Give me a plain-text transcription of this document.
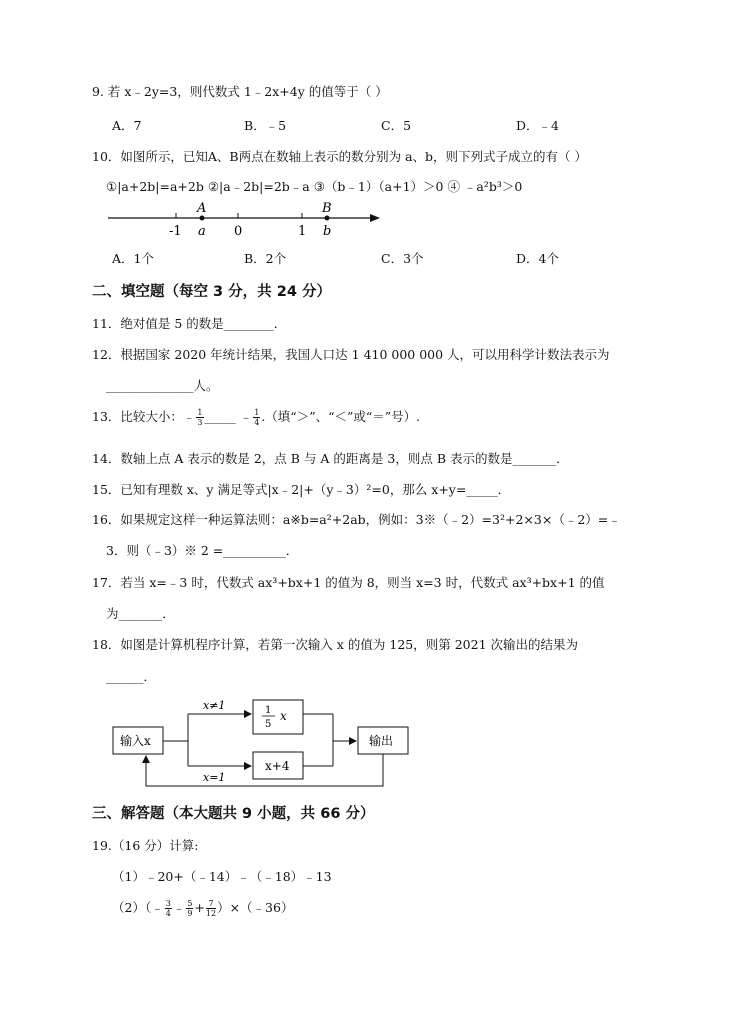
9. 若 x﹣2y=3，则代数式 1﹣2x+4y 的值等于（ ）
A．7	B．﹣5	C．5	D．﹣4
10．如图所示，已知A、B两点在数轴上表示的数分别为 a、b，则下列式子成立的有（ ）
①|a+2b|=a+2b ②|a﹣2b|=2b﹣a ③（b﹣1）（a+1）＞0 ④ ﹣a²b³＞0
A	B
-1	0	1
a	b
A．1个	B．2个	C．3个	D．4个
二、填空题（每空 3 分，共 24 分）
11．绝对值是 5 的数是________．
12．根据国家 2020 年统计结果，我国人口达 1 410 000 000 人，可以用科学计数法表示为
______________人。
13．比较大小：﹣ $\frac{1}{3}$ _____ ﹣ $\frac{1}{4}$ .（填“＞”、“＜”或“＝”号）.
14．数轴上点 A 表示的数是 2，点 B 与 A 的距离是 3，则点 B 表示的数是_______．
15．已知有理数 x、y 满足等式|x﹣2|+（y﹣3）²=0，那么 x+y=_____．
16．如果规定这样一种运算法则：a※b=a²+2ab，例如：3※（﹣2）=3²+2×3×（﹣2）=﹣
3．则（﹣3）※ 2 =__________．
17．若当 x=﹣3 时，代数式 ax³+bx+1 的值为 8，则当 x=3 时，代数式 ax³+bx+1 的值
为_______．
18．如图是计算机程序计算，若第一次输入 x 的值为 125，则第 2021 次输出的结果为
______．
输入x
x≠1	1
5
x
x+4
x=1
输出
三、解答题（本大题共 9 小题，共 66 分）
19.（16 分）计算:
（1）﹣20+（﹣14）﹣（﹣18）﹣13
（2）（﹣ $\frac{3}{4}$ ﹣ $\frac{5}{9} + \frac{7}{12}$ ）×（﹣36）
